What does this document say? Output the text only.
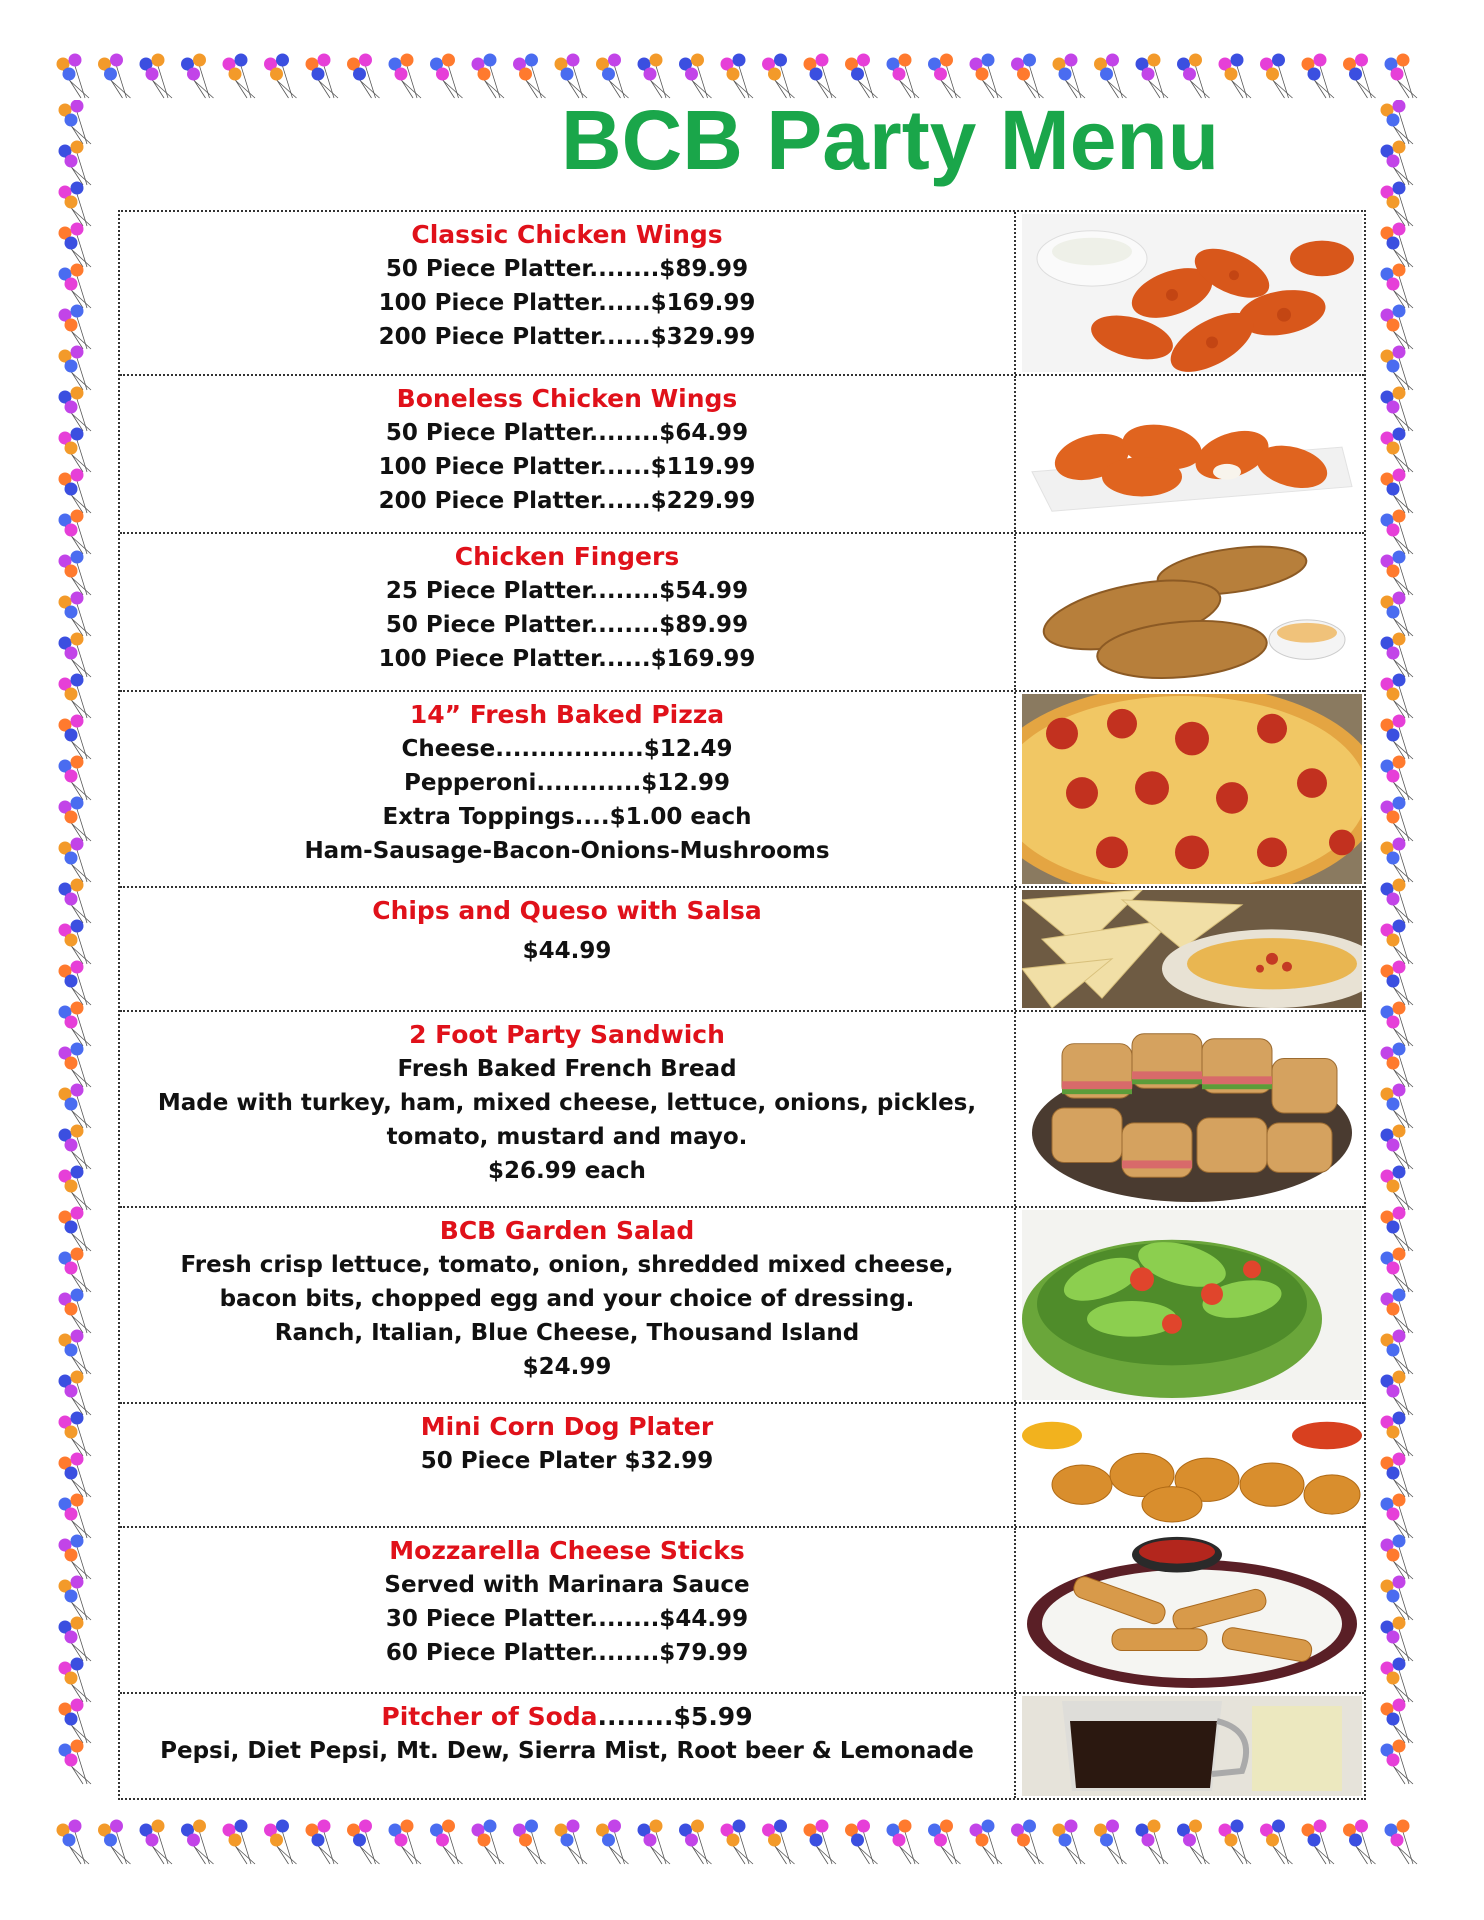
BCB Party Menu
Classic Chicken Wings
50 Piece Platter........$89.99
100 Piece Platter......$169.99
200 Piece Platter......$329.99
Boneless Chicken Wings
50 Piece Platter........$64.99
100 Piece Platter......$119.99
200 Piece Platter......$229.99
Chicken Fingers
25 Piece Platter........$54.99
50 Piece Platter........$89.99
100 Piece Platter......$169.99
14” Fresh Baked Pizza
Cheese.................$12.49
Pepperoni............$12.99
Extra Toppings....$1.00 each
Ham-Sausage-Bacon-Onions-Mushrooms
Chips and Queso with Salsa
$44.99
2 Foot Party Sandwich
Fresh Baked French Bread
Made with turkey, ham, mixed cheese, lettuce, onions, pickles,
tomato, mustard and mayo.
$26.99 each
BCB Garden Salad
Fresh crisp lettuce, tomato, onion, shredded mixed cheese,
bacon bits, chopped egg and your choice of dressing.
Ranch, Italian, Blue Cheese, Thousand Island
$24.99
Mini Corn Dog Plater
50 Piece Plater $32.99
Mozzarella Cheese Sticks
Served with Marinara Sauce
30 Piece Platter........$44.99
60 Piece Platter........$79.99
Pitcher of Soda........$5.99
Pepsi, Diet Pepsi, Mt. Dew, Sierra Mist, Root beer & Lemonade
